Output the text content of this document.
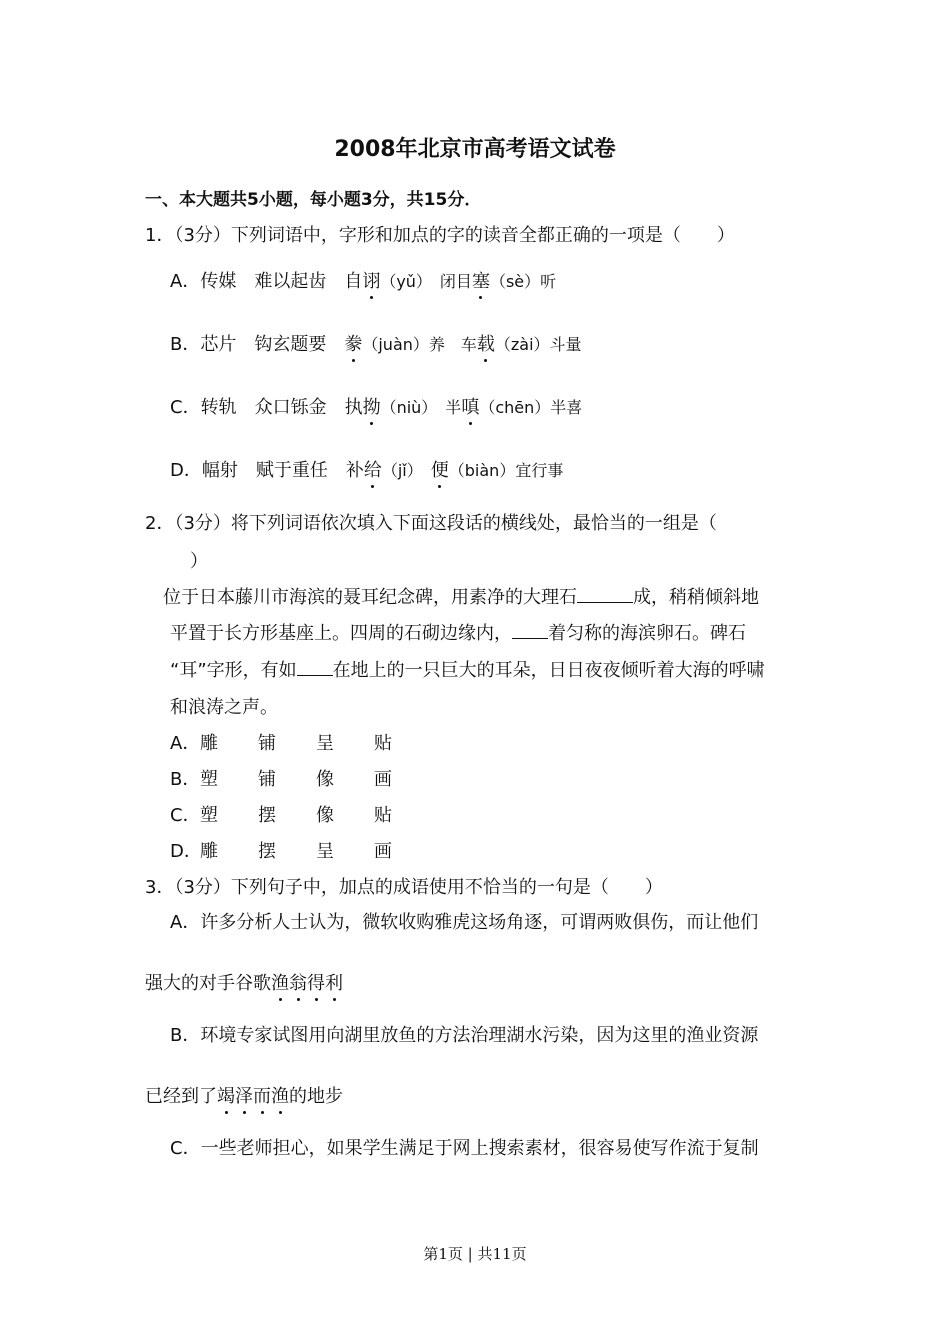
2008年北京市高考语文试卷
一、本大题共5小题，每小题3分，共15分．
1．（3分）下列词语中，字形和加点的字的读音全都正确的一项是（　　）
A．传媒　难以起齿　自诩（yǔ）　闭目塞（sè）听
B．芯片　钩玄题要　豢（juàn）养　车载（zài）斗量
C．转轨　众口铄金　执拗（niù）　半嗔（chēn）半喜
D．幅射　赋于重任　补给（jǐ）　便（biàn）宜行事
2．（3分）将下列词语依次填入下面这段话的横线处，最恰当的一组是（
）
位于日本藤川市海滨的聂耳纪念碑，用素净的大理石	成，稍稍倾斜地
平置于长方形基座上。四周的石砌边缘内， 着匀称的海滨卵石。碑石
“耳”字形，有如 在地上的一只巨大的耳朵，日日夜夜倾听着大海的呼啸
和浪涛之声。
A．雕 铺 呈 贴
B．塑 铺 像 画
C．塑 摆 像 贴
D．雕 摆 呈 画
3．（3分）下列句子中，加点的成语使用不恰当的一句是（　　）
A．许多分析人士认为，微软收购雅虎这场角逐，可谓两败俱伤，而让他们
强大的对手谷歌渔翁得利
B．环境专家试图用向湖里放鱼的方法治理湖水污染，因为这里的渔业资源
已经到了竭泽而渔的地步
C．一些老师担心，如果学生满足于网上搜索素材，很容易使写作流于复制
第1页 | 共11页
